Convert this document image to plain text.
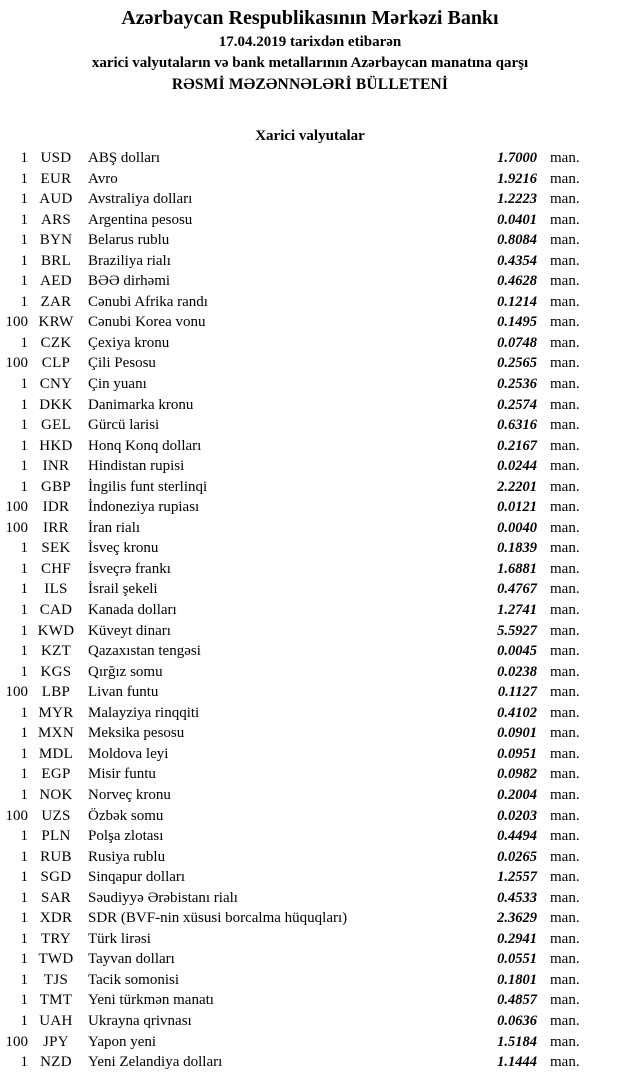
Azərbaycan Respublikasının Mərkəzi Bankı
17.04.2019 tarixdən etibarən
xarici valyutaların və bank metallarının Azərbaycan manatına qarşı
RƏSMİ MƏZƏNNƏLƏRİ BÜLLETENİ
Xarici valyutalar
1 USD	ABŞ dolları	1.7000 man.
1 EUR	Avro	1.9216 man.
1 AUD	Avstraliya dolları	1.2223 man.
1 ARS	Argentina pesosu	0.0401 man.
1 BYN	Belarus rublu	0.8084 man.
1 BRL	Braziliya rialı	0.4354 man.
1 AED	BƏƏ dirhəmi	0.4628 man.
1 ZAR	Cənubi Afrika randı	0.1214 man.
100 KRW Cənubi Korea vonu	0.1495 man.
1 CZK	Çexiya kronu	0.0748 man.
100 CLP	Çili Pesosu	0.2565 man.
1 CNY	Çin yuanı	0.2536 man.
1 DKK	Danimarka kronu	0.2574 man.
1 GEL	Gürcü larisi	0.6316 man.
1 HKD	Honq Konq dolları	0.2167 man.
1 INR	Hindistan rupisi	0.0244 man.
1 GBP	İngilis funt sterlinqi	2.2201 man.
100 IDR	İndoneziya rupiası	0.0121 man.
100	IRR	İran rialı	0.0040 man.
1 SEK	İsveç kronu	0.1839 man.
1 CHF	İsveçrə frankı	1.6881 man.
1	ILS	İsrail şekeli	0.4767 man.
1 CAD	Kanada dolları	1.2741 man.
1 KWD Küveyt dinarı	5.5927 man.
1 KZT	Qazaxıstan tengəsi	0.0045 man.
1 KGS	Qırğız somu	0.0238 man.
100 LBP	Livan funtu	0.1127 man.
1 MYR Malayziya rinqqiti	0.4102 man.
1 MXN Meksika pesosu	0.0901 man.
1 MDL Moldova leyi	0.0951 man.
1 EGP	Misir funtu	0.0982 man.
1 NOK	Norveç kronu	0.2004 man.
100 UZS	Özbək somu	0.0203 man.
1 PLN	Polşa zlotası	0.4494 man.
1 RUB	Rusiya rublu	0.0265 man.
1 SGD	Sinqapur dolları	1.2557 man.
1 SAR	Səudiyyə Ərəbistanı rialı	0.4533 man.
1 XDR	SDR (BVF-nin xüsusi borcalma hüquqları)	2.3629 man.
1 TRY	Türk lirəsi	0.2941 man.
1 TWD Tayvan dolları	0.0551 man.
1	TJS	Tacik somonisi	0.1801 man.
1 TMT	Yeni türkmən manatı	0.4857 man.
1 UAH	Ukrayna qrivnası	0.0636 man.
100	JPY	Yapon yeni	1.5184 man.
1 NZD	Yeni Zelandiya dolları	1.1444 man.
